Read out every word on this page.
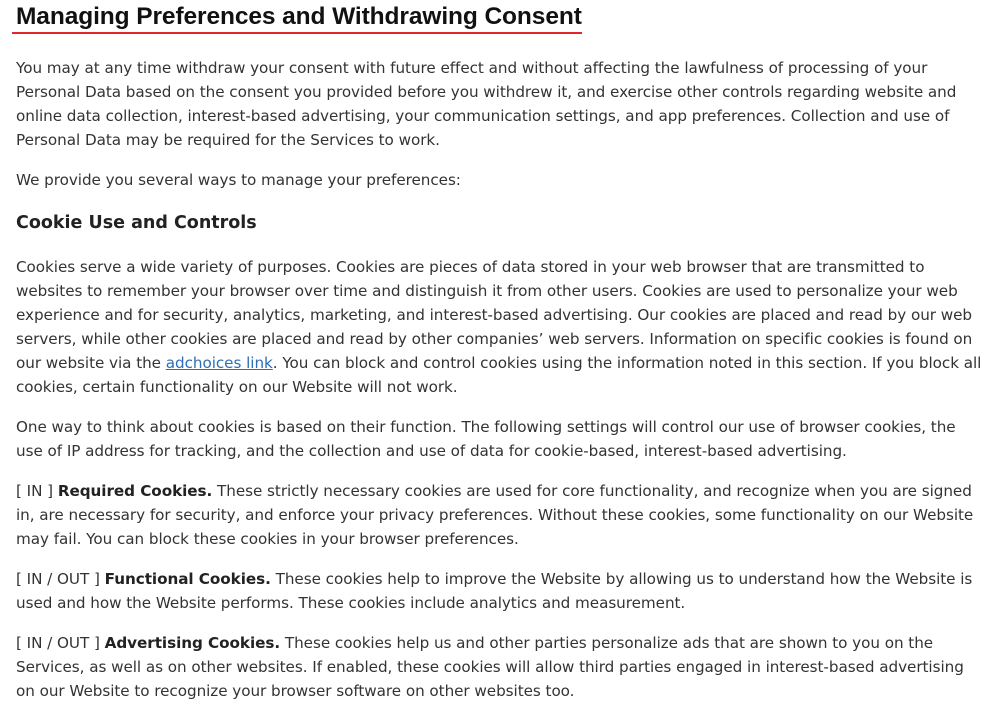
Managing Preferences and Withdrawing Consent

You may at any time withdraw your consent with future effect and without affecting the lawfulness of processing of your Personal Data based on the consent you provided before you withdrew it, and exercise other controls regarding website and online data collection, interest-based advertising, your communication settings, and app preferences. Collection and use of Personal Data may be required for the Services to work.

We provide you several ways to manage your preferences:

Cookie Use and Controls

Cookies serve a wide variety of purposes. Cookies are pieces of data stored in your web browser that are transmitted to websites to remember your browser over time and distinguish it from other users. Cookies are used to personalize your web experience and for security, analytics, marketing, and interest-based advertising. Our cookies are placed and read by our web servers, while other cookies are placed and read by other companies’ web servers. Information on specific cookies is found on our website via the adchoices link. You can block and control cookies using the information noted in this section. If you block all cookies, certain functionality on our Website will not work.

One way to think about cookies is based on their function. The following settings will control our use of browser cookies, the use of IP address for tracking, and the collection and use of data for cookie-based, interest-based advertising.

[ IN ] Required Cookies. These strictly necessary cookies are used for core functionality, and recognize when you are signed in, are necessary for security, and enforce your privacy preferences. Without these cookies, some functionality on our Website may fail. You can block these cookies in your browser preferences.

[ IN / OUT ] Functional Cookies. These cookies help to improve the Website by allowing us to understand how the Website is used and how the Website performs. These cookies include analytics and measurement.

[ IN / OUT ] Advertising Cookies. These cookies help us and other parties personalize ads that are shown to you on the Services, as well as on other websites. If enabled, these cookies will allow third parties engaged in interest-based advertising on our Website to recognize your browser software on other websites too.
